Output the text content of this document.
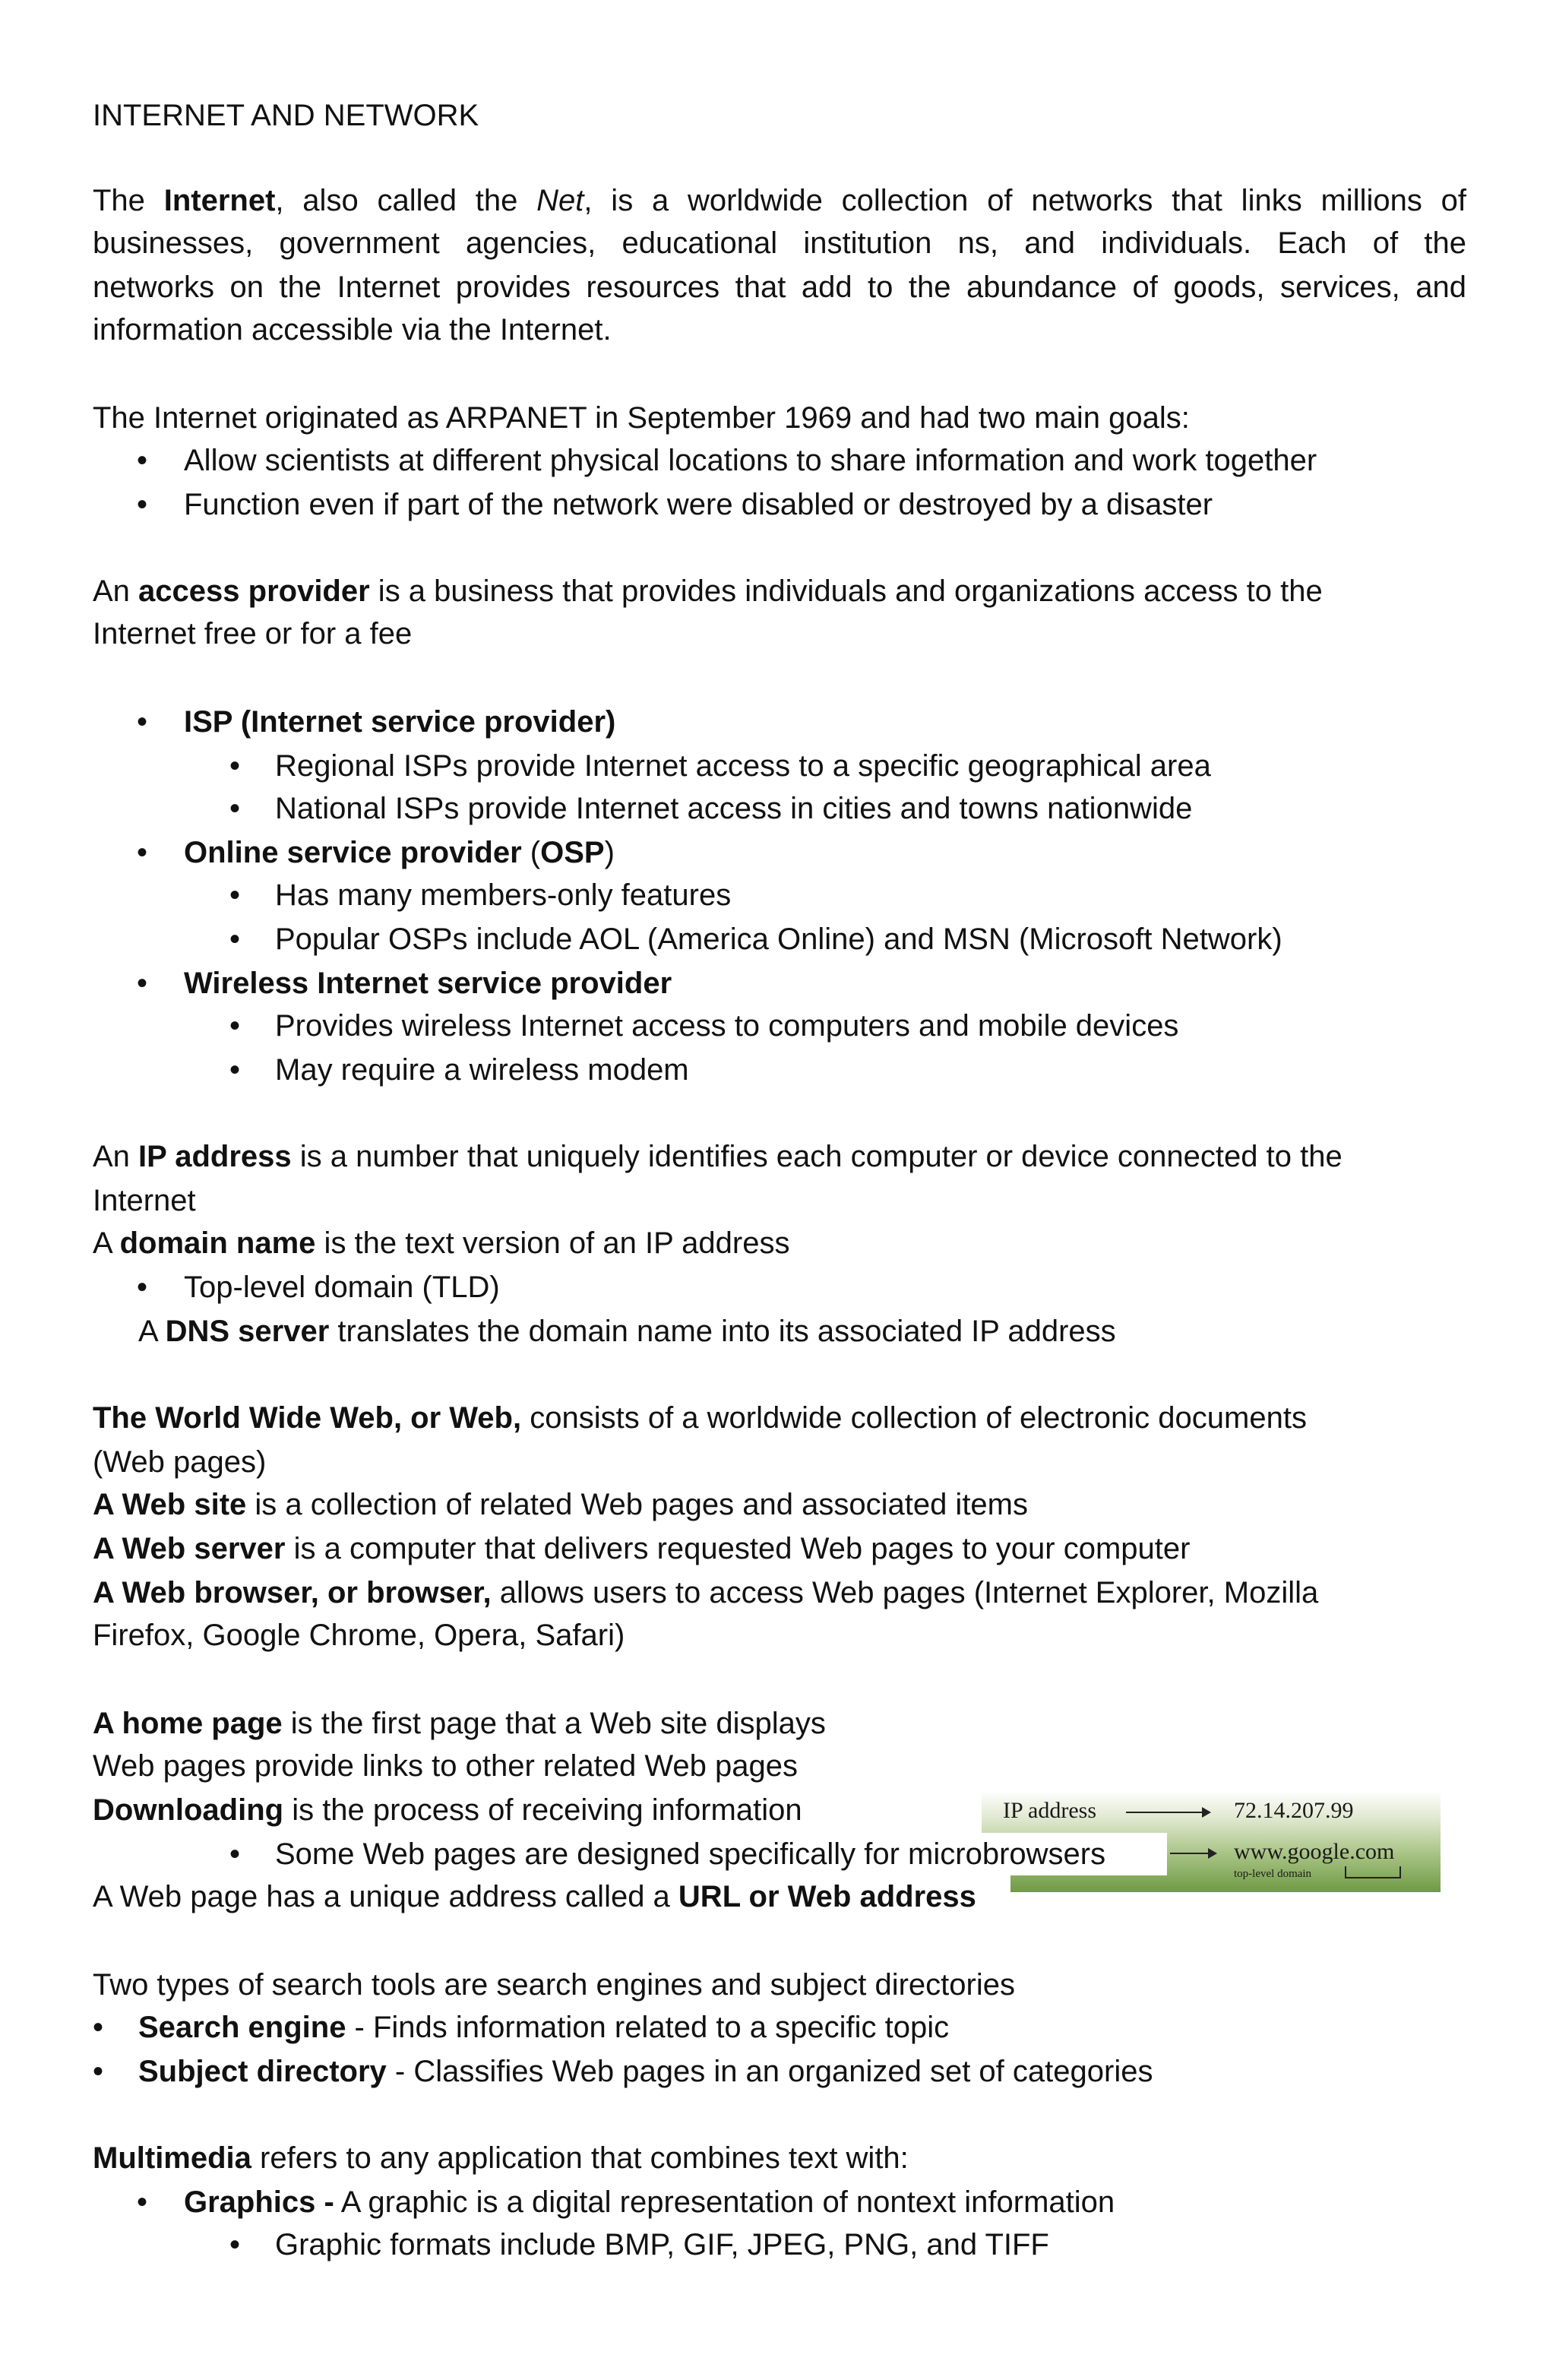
INTERNET AND NETWORK
The Internet, also called the Net, is a worldwide collection of networks that links millions of
businesses, government agencies, educational institution ns, and individuals. Each of the
networks on the Internet provides resources that add to the abundance of goods, services, and
information accessible via the Internet.
The Internet originated as ARPANET in September 1969 and had two main goals:
• Allow scientists at different physical locations to share information and work together
• Function even if part of the network were disabled or destroyed by a disaster
An access provider is a business that provides individuals and organizations access to the
Internet free or for a fee
• ISP (Internet service provider)
• Regional ISPs provide Internet access to a specific geographical area
• National ISPs provide Internet access in cities and towns nationwide
• Online service provider (OSP)
• Has many members-only features
• Popular OSPs include AOL (America Online) and MSN (Microsoft Network)
• Wireless Internet service provider
• Provides wireless Internet access to computers and mobile devices
• May require a wireless modem
An IP address is a number that uniquely identifies each computer or device connected to the
Internet
A domain name is the text version of an IP address
• Top-level domain (TLD)
A DNS server translates the domain name into its associated IP address
The World Wide Web, or Web, consists of a worldwide collection of electronic documents
(Web pages)
A Web site is a collection of related Web pages and associated items
A Web server is a computer that delivers requested Web pages to your computer
A Web browser, or browser, allows users to access Web pages (Internet Explorer, Mozilla
Firefox, Google Chrome, Opera, Safari)
IP address	72.14.207.99
www.google.com
top-level domain
A home page is the first page that a Web site displays
Web pages provide links to other related Web pages
Downloading is the process of receiving information
• Some Web pages are designed specifically for microbrowsers
A Web page has a unique address called a URL or Web address
Two types of search tools are search engines and subject directories
• Search engine - Finds information related to a specific topic
• Subject directory - Classifies Web pages in an organized set of categories
Multimedia refers to any application that combines text with:
• Graphics - A graphic is a digital representation of nontext information
• Graphic formats include BMP, GIF, JPEG, PNG, and TIFF
